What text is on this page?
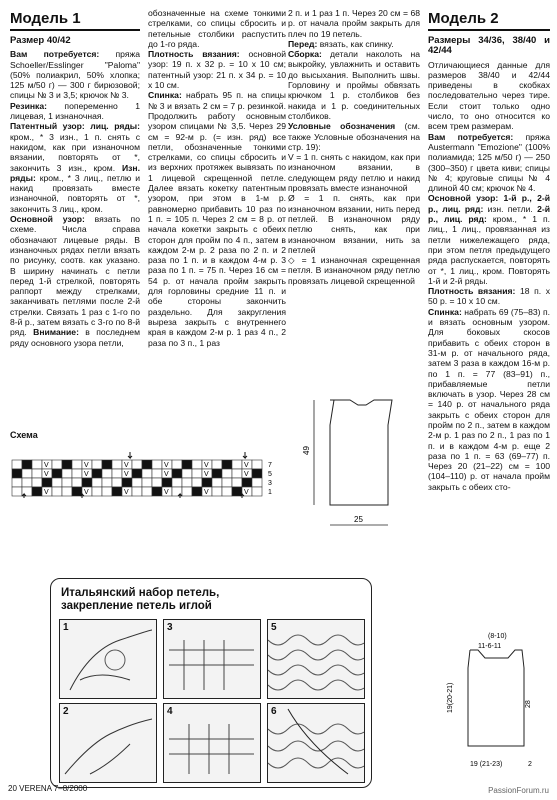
Модель 1

Размер 40/42

Вам потребуется: пряжа Schoeller/Esslinger "Paloma" (50% полиакрил, 50% хлопка; 125 м/50 г) — 300 г бирюзовой; спицы № 3 и 3,5; крючок № 3.

Резинка: попеременно 1 лицевая, 1 изнаночная.

Патентный узор: лиц. ряды: кром., * 3 изн., 1 п. снять с накидом, как при изнаночном вязании, повторять от *, закончить 3 изн., кром. Изн. ряды: кром., * 3 лиц., петлю и накид провязать вместе изнаночной, повторять от *, закончить 3 лиц., кром.

Основной узор: вязать по схеме. Числа справа обозначают лицевые ряды. В изнаночных рядах петли вязать по рисунку, соотв. как указано. В ширину начинать с петли перед 1-й стрелкой, повторять раппорт между стрелками, заканчивать петлями после 2-й стрелки. Связать 1 раз с 1-го по 8-й р., затем вязать с 3-го по 8-й ряд. Внимание: в последнем ряду основного узора петли,

обозначенные на схеме тонкими стрелками, со спицы сбросить и петельные столбики распустить до 1-го ряда.

Плотность вязания: основной узор: 19 п. x 32 р. = 10 x 10 см; патентный узор: 21 п. x 34 р. = 10 x 10 см.

Спинка: набрать 95 п. на спицы № 3 и вязать 2 см = 7 р. резинкой. Продолжить работу основным узором спицами № 3,5. Через 29 см = 92-м р. (= изн. ряд) все петли, обозначенные тонкими стрелками, со спицы сбросить и из верхних протяжек вывязать по 1 лицевой скрещенной петле. Далее вязать кокетку патентным узором, при этом в 1-м р. равномерно прибавить 10 раз по 1 п. = 105 п. Через 2 см = 8 р. от начала кокетки закрыть с обеих сторон для пройм по 4 п., затем в каждом 2-м р. 2 раза по 2 п. и 2 раза по 1 п. и в каждом 4-м р. 3 раза по 1 п. = 75 п. Через 16 см = 54 р. от начала пройм закрыть для горловины средние 11 п. и обе стороны закончить раздельно. Для закругления выреза закрыть с внутреннего края в каждом 2-м р. 1 раз 4 п., 2 раза по 3 п., 1 раз

2 п. и 1 раз 1 п. Через 20 см = 68 р. от начала пройм закрыть для плеч по 19 петель.

Перед: вязать, как спинку.

Сборка: детали наколоть на выкройку, увлажнить и оставить до высыхания. Выполнить швы. Горловину и проймы обвязать крючком 1 р. столбиков без накида и 1 р. соединительных столбиков.

Условные обозначения (см. также Условные обозначения на стр. 19):

V = 1 п. снять с накидом, как при изнаночном вязании, в следующем ряду петлю и накид провязать вместе изнаночной

Ø = 1 п. снять, как при изнаночном вязании, нить перед петлей. В изнаночном ряду петлю снять, как при изнаночном вязании, нить за петлей

◇ = 1 изнаночная скрещенная петля. В изнаночном ряду петлю провязать лицевой скрещенной

Модель 2

Размеры 34/36, 38/40 и 42/44

Отличающиеся данные для размеров 38/40 и 42/44 приведены в скобках последовательно через тире. Если стоит только одно число, то оно относится ко всем трем размерам.

Вам потребуется: пряжа Austermann "Emozione" (100% полиамида; 125 м/50 г) — 250 (300–350) г цвета киви; спицы № 4; круговые спицы № 4 длиной 40 см; крючок № 4.

Основной узор: 1-й р., 2-й р., лиц. ряд: изн. петли. 2-й р., лиц. ряд: кром., * 1 п. лиц., 1 лиц., провязанная из петли нижележащего ряда, при этом петля предыдущего ряда распускается, повторять от *, 1 лиц., кром. Повторять 1-й и 2-й ряды.

Плотность вязания: 18 п. x 50 р. = 10 x 10 см.

Спинка: набрать 69 (75–83) п. и вязать основным узором. Для боковых скосов прибавить с обеих сторон в 31-м р. от начального ряда, затем 3 раза в каждом 16-м р. по 1 п. = 77 (83–91) п., прибавляемые петли включать в узор. Через 28 см = 140 р. от начального ряда закрыть с обеих сторон для пройм по 2 п., затем в каждом 2-м р. 1 раз по 2 п., 1 раз по 1 п. и в каждом 4-м р. еще 2 раза по 1 п. = 63 (69–77) п. Через 20 (21–22) см = 100 (104–110) р. от начала пройм закрыть с обеих сто-

Схема
V	V	V	V	V	V	7
V	V	V	V	V	V	5
3
V	V	V	V	V	V	1
49
25
Итальянский набор петель,
закрепление петель иглой
1	3	5
2	4	6
(8-10)
11-6-11
19(20-21)	28
19 (21-23)	2
20 VERENA 7–8/2000	PassionForum.ru
